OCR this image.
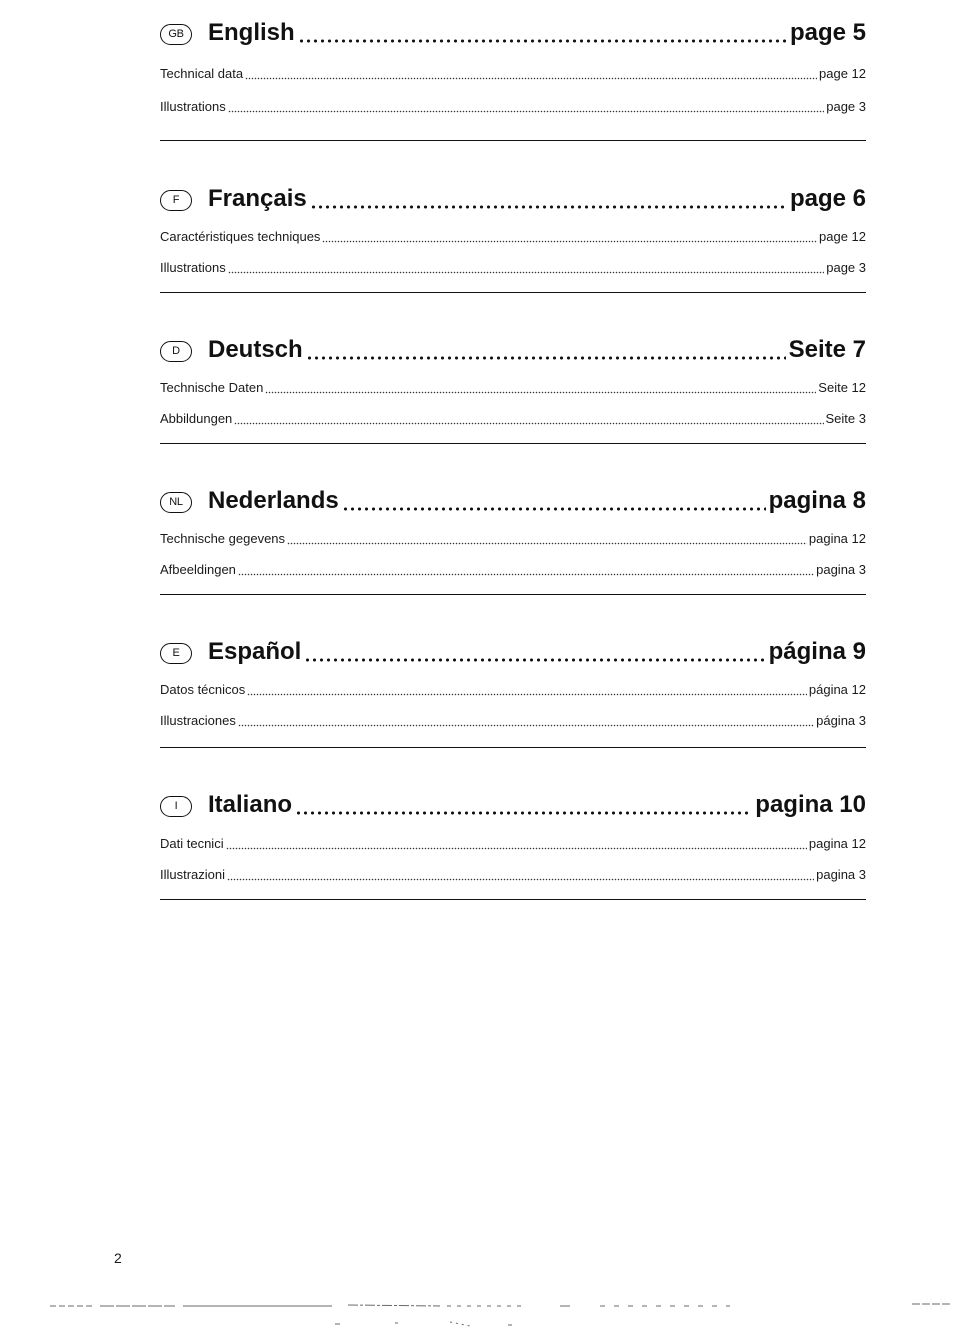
GB	English	page 5
Technical data	page 12
Illustrations	page 3
F	Français	page 6
Caractéristiques techniques	page 12
Illustrations	page 3
D	Deutsch	Seite 7
Technische Daten	Seite 12
Abbildungen	Seite 3
NL	Nederlands	pagina 8
Technische gegevens	pagina 12
Afbeeldingen	pagina 3
E	Español	página 9
Datos técnicos	página 12
Illustraciones	página 3
I	Italiano	pagina 10
Dati tecnici	pagina 12
Illustrazioni	pagina 3
2
